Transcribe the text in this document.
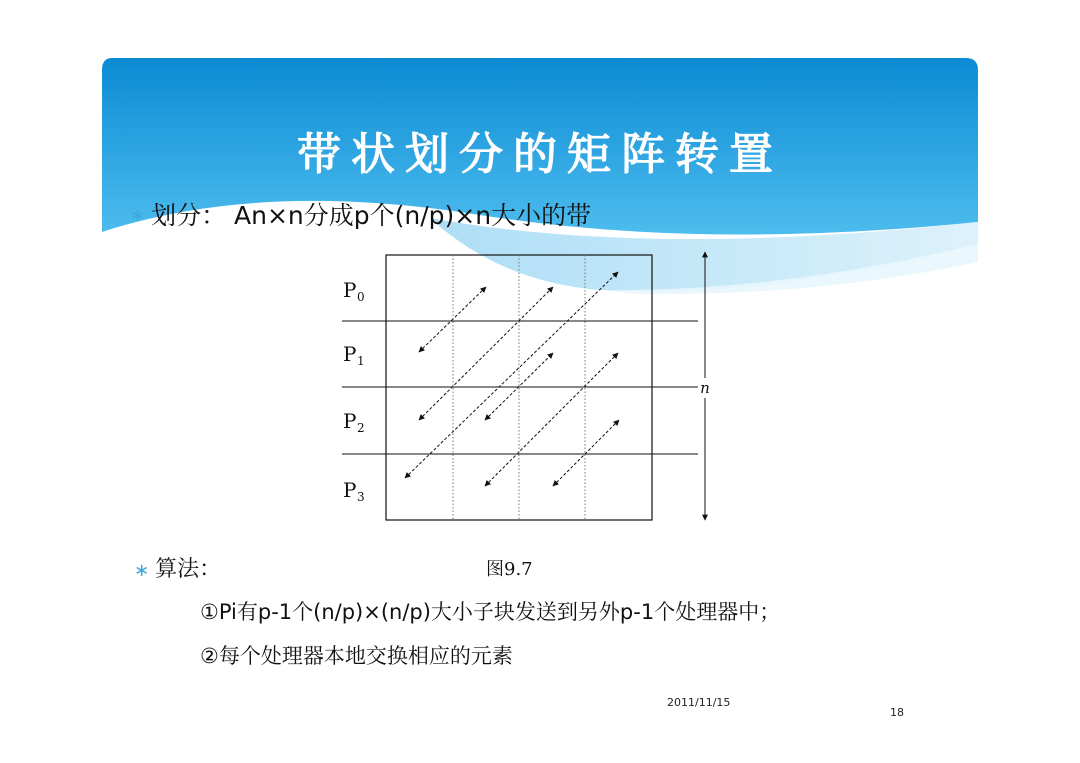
带状划分的矩阵转置
∗ 划分： An×n分成p个(n/p)×n大小的带
n
P 0
P 1
P 2
P 3
图9.7
∗ 算法：
①Pi有p-1个(n/p)×(n/p)大小子块发送到另外p-1个处理器中；
②每个处理器本地交换相应的元素
2011/11/15
18
